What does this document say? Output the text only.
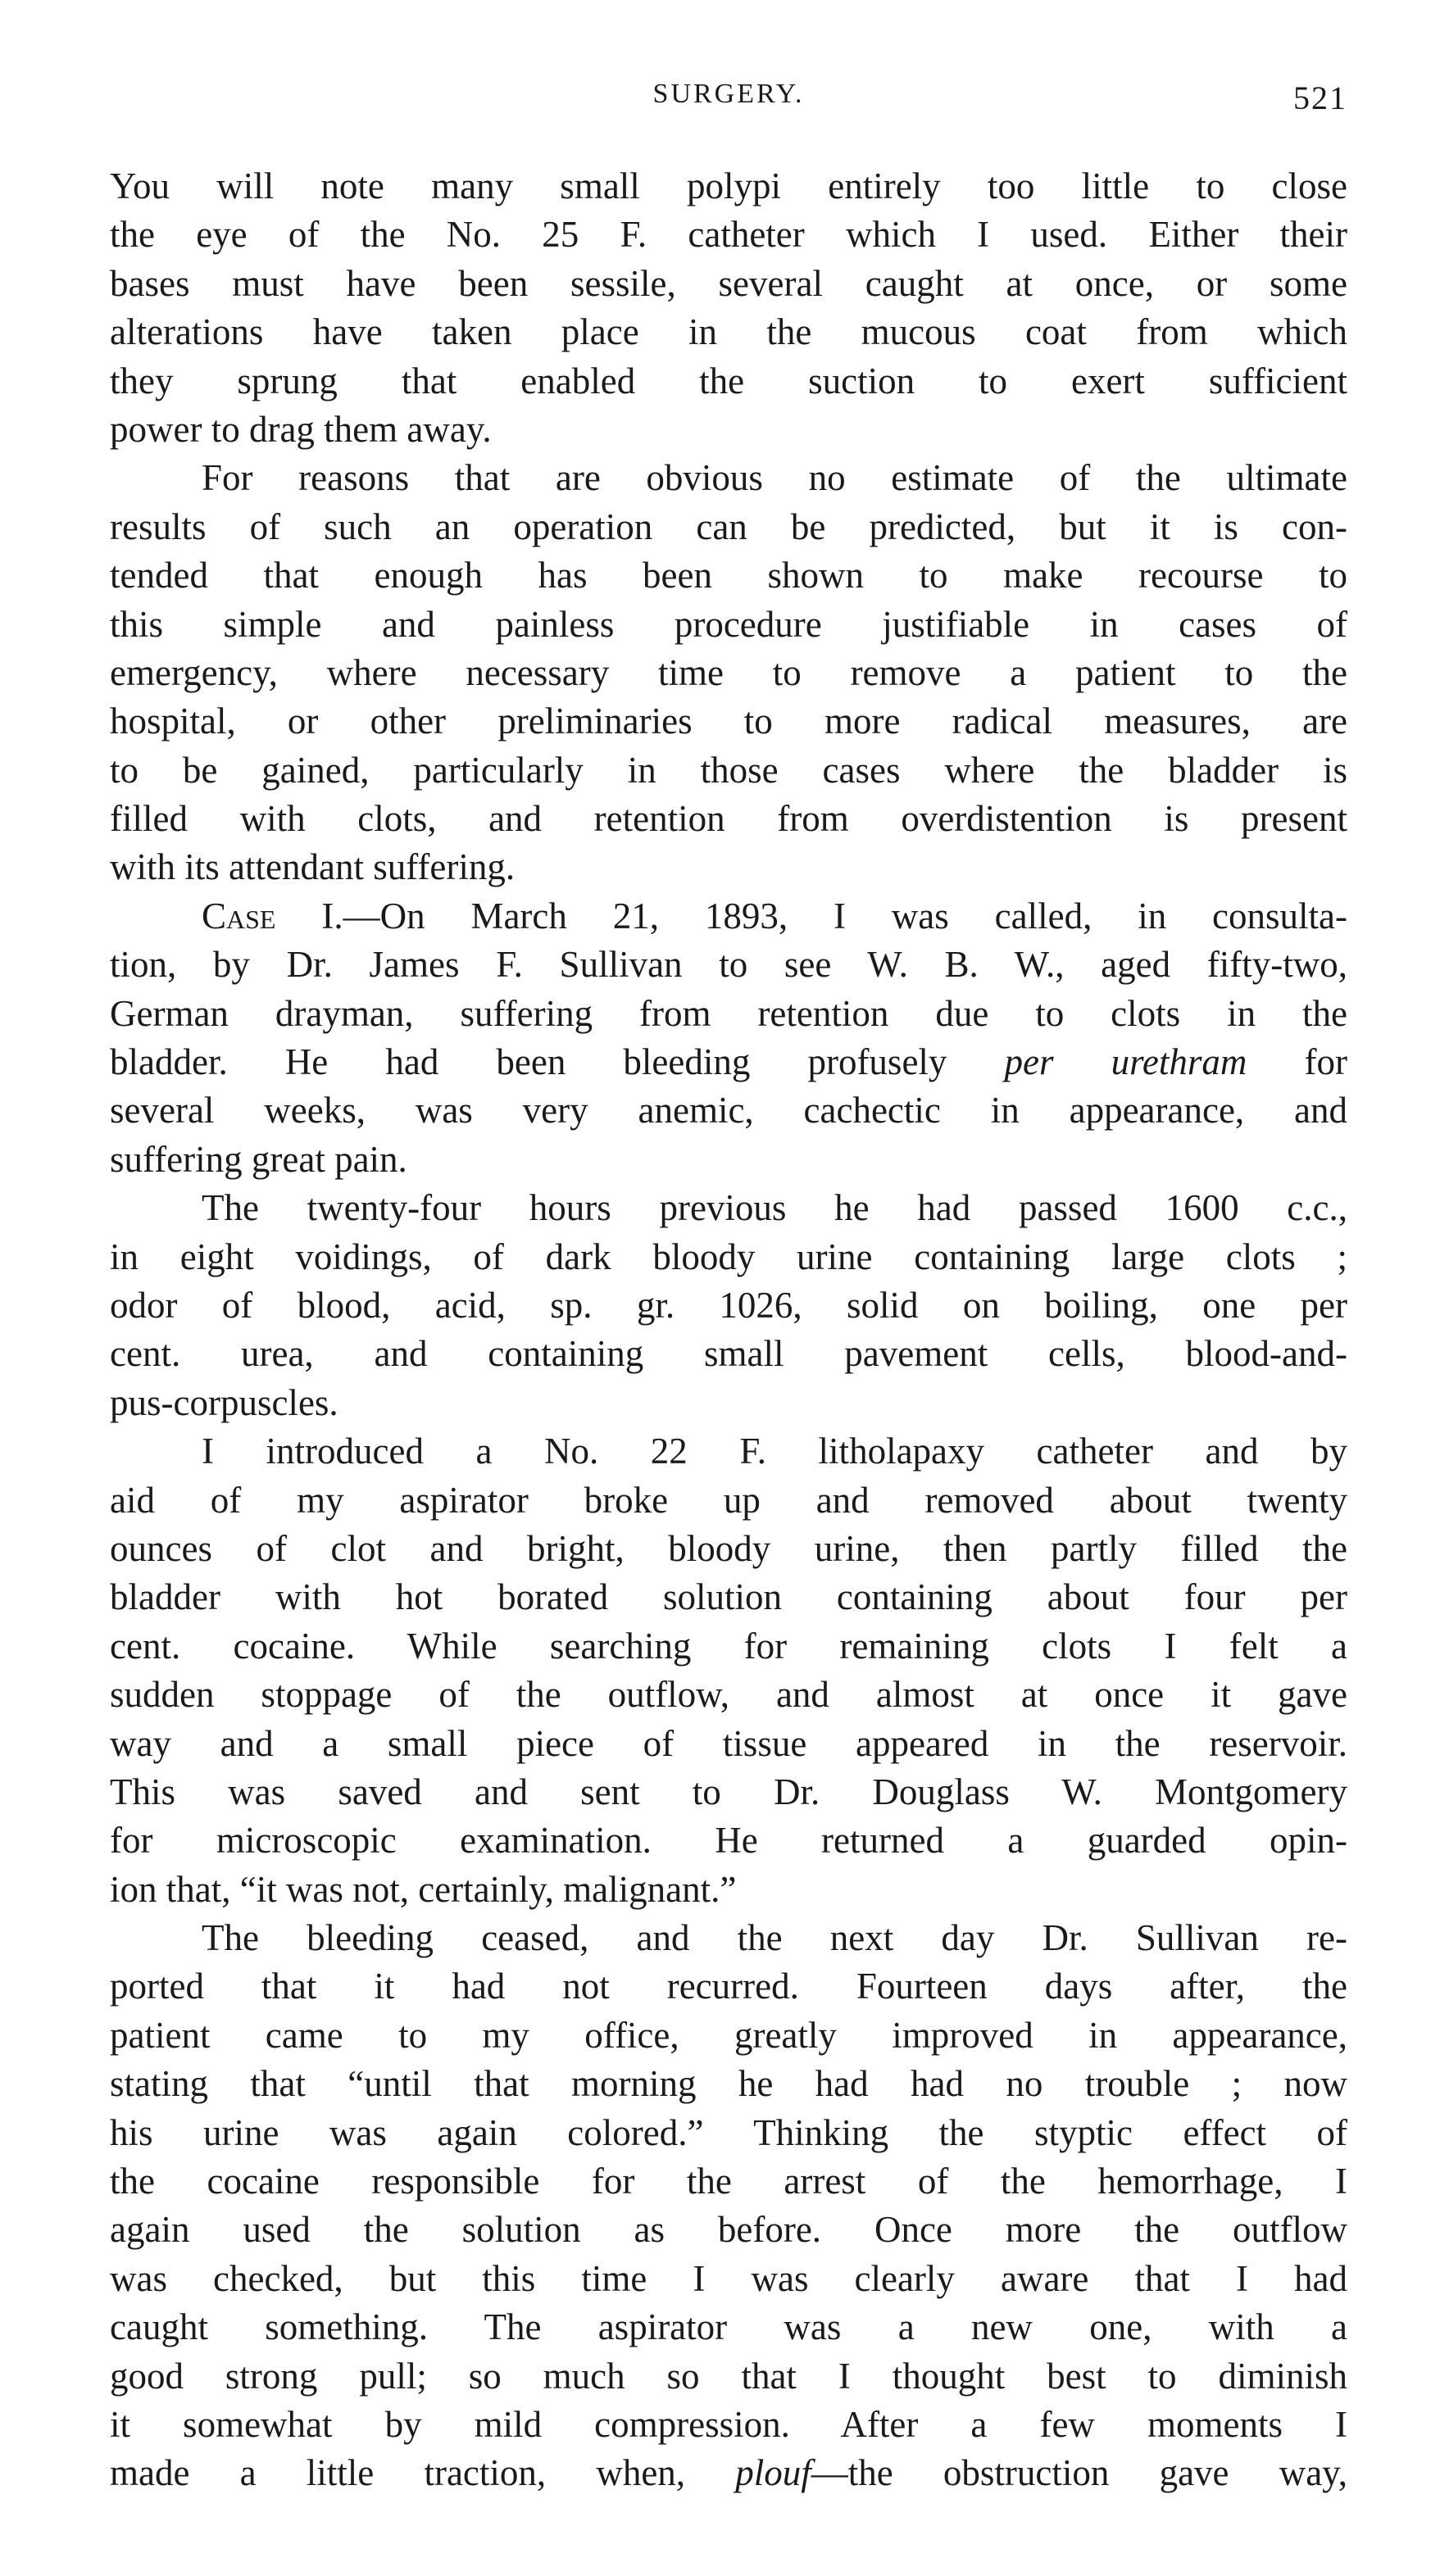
SURGERY.	521
You will note many small polypi entirely too little to close
the eye of the No. 25 F. catheter which I used. Either their
bases must have been sessile, several caught at once, or some
alterations have taken place in the mucous coat from which
they sprung that enabled the suction to exert sufficient
power to drag them away.
For reasons that are obvious no estimate of the ultimate
results of such an operation can be predicted, but it is con-
tended that enough has been shown to make recourse to
this simple and painless procedure justifiable in cases of
emergency, where necessary time to remove a patient to the
hospital, or other preliminaries to more radical measures, are
to be gained, particularly in those cases where the bladder is
filled with clots, and retention from overdistention is present
with its attendant suffering.
Case I.—On March 21, 1893, I was called, in consulta-
tion, by Dr. James F. Sullivan to see W. B. W., aged fifty-two,
German drayman, suffering from retention due to clots in the
bladder. He had been bleeding profusely per urethram for
several weeks, was very anemic, cachectic in appearance, and
suffering great pain.
The twenty-four hours previous he had passed 1600 c.c.,
in eight voidings, of dark bloody urine containing large clots ;
odor of blood, acid, sp. gr. 1026, solid on boiling, one per
cent. urea, and containing small pavement cells, blood-and-
pus-corpuscles.
I introduced a No. 22 F. litholapaxy catheter and by
aid of my aspirator broke up and removed about twenty
ounces of clot and bright, bloody urine, then partly filled the
bladder with hot borated solution containing about four per
cent. cocaine. While searching for remaining clots I felt a
sudden stoppage of the outflow, and almost at once it gave
way and a small piece of tissue appeared in the reservoir.
This was saved and sent to Dr. Douglass W. Montgomery
for microscopic examination. He returned a guarded opin-
ion that, “it was not, certainly, malignant.”
The bleeding ceased, and the next day Dr. Sullivan re-
ported that it had not recurred. Fourteen days after, the
patient came to my office, greatly improved in appearance,
stating that “until that morning he had had no trouble ; now
his urine was again colored.” Thinking the styptic effect of
the cocaine responsible for the arrest of the hemorrhage, I
again used the solution as before. Once more the outflow
was checked, but this time I was clearly aware that I had
caught something. The aspirator was a new one, with a
good strong pull; so much so that I thought best to diminish
it somewhat by mild compression. After a few moments I
made a little traction, when, plouf—the obstruction gave way,
